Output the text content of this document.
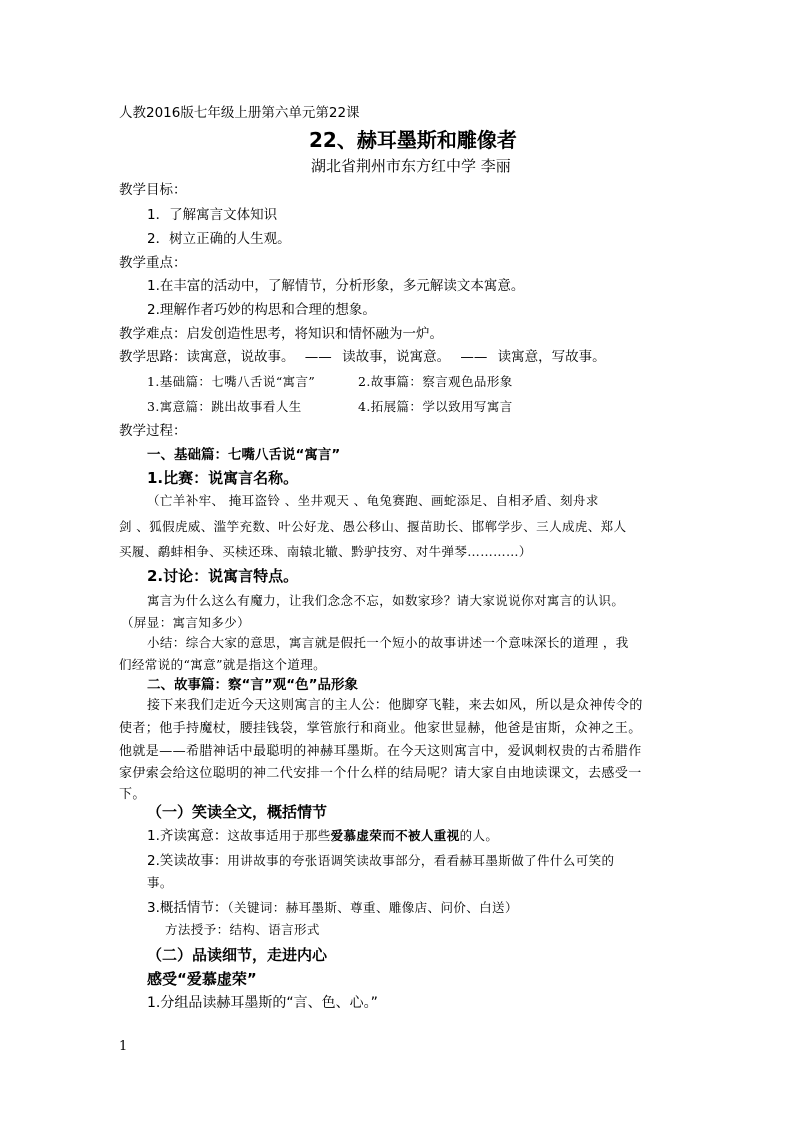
人教2016版七年级上册第六单元第22课
22、赫耳墨斯和雕像者
湖北省荆州市东方红中学 李丽
教学目标：
1．了解寓言文体知识
2．树立正确的人生观。
教学重点：
1.在丰富的活动中，了解情节，分析形象，多元解读文本寓意。
2.理解作者巧妙的构思和合理的想象。
教学难点：启发创造性思考，将知识和情怀融为一炉。
教学思路：读寓意，说故事。 —— 读故事，说寓意。 —— 读寓意，写故事。
1.基础篇：七嘴八舌说“寓言”	2.故事篇：察言观色品形象
3.寓意篇：跳出故事看人生	4.拓展篇：学以致用写寓言
教学过程：
一、基础篇：七嘴八舌说“寓言”
1.比赛：说寓言名称。
（亡羊补牢、 掩耳盗铃 、坐井观天 、龟兔赛跑、画蛇添足、自相矛盾、刻舟求
剑 、狐假虎威、滥竽充数、叶公好龙、愚公移山、揠苗助长、邯郸学步、三人成虎、郑人
买履、鹬蚌相争、买椟还珠、南辕北辙、黔驴技穷、对牛弹琴…………）
2.讨论：说寓言特点。
寓言为什么这么有魔力，让我们念念不忘，如数家珍？请大家说说你对寓言的认识。
（屏显：寓言知多少）
小结：综合大家的意思，寓言就是假托一个短小的故事讲述一个意味深长的道理 ，我
们经常说的“寓意”就是指这个道理。
二、故事篇：察“言”观“色”品形象
接下来我们走近今天这则寓言的主人公：他脚穿飞鞋，来去如风，所以是众神传令的
使者；他手持魔杖，腰挂钱袋，掌管旅行和商业。他家世显赫，他爸是宙斯，众神之王。
他就是——希腊神话中最聪明的神赫耳墨斯。在今天这则寓言中，爱讽刺权贵的古希腊作
家伊索会给这位聪明的神二代安排一个什么样的结局呢？请大家自由地读课文，去感受一
下。
（一）笑读全文，概括情节
1.齐读寓意：这故事适用于那些爱慕虚荣而不被人重视的人。
2.笑读故事：用讲故事的夸张语调笑读故事部分，看看赫耳墨斯做了件什么可笑的
事。
3.概括情节：（关键词：赫耳墨斯、尊重、雕像店、问价、白送）
方法授予：结构、语言形式
（二）品读细节，走进内心
感受“爱慕虚荣”
1.分组品读赫耳墨斯的“言、色、心。”
1
